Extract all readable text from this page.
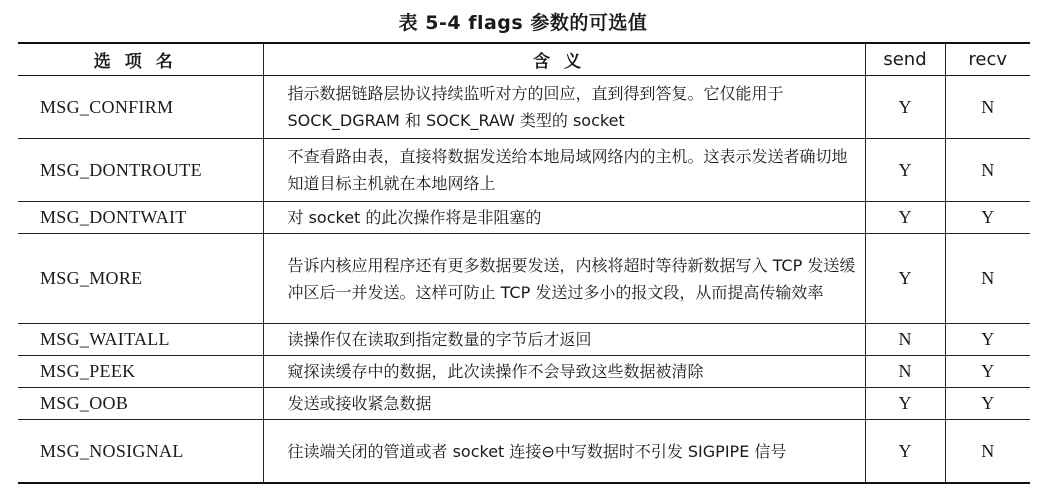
表 5-4 flags 参数的可选值
选项名	含义	send	recv
MSG_CONFIRM	指示数据链路层协议持续监听对方的回应，直到得到答复。它仅能用于 SOCK_DGRAM 和 SOCK_RAW 类型的 socket	Y	N
MSG_DONTROUTE	不查看路由表，直接将数据发送给本地局域网络内的主机。这表示发送者确切地知道目标主机就在本地网络上	Y	N
MSG_DONTWAIT	对 socket 的此次操作将是非阻塞的	Y	Y
MSG_MORE	告诉内核应用程序还有更多数据要发送，内核将超时等待新数据写入 TCP 发送缓冲区后一并发送。这样可防止 TCP 发送过多小的报文段，从而提高传输效率	Y	N
MSG_WAITALL	读操作仅在读取到指定数量的字节后才返回	N	Y
MSG_PEEK	窥探读缓存中的数据，此次读操作不会导致这些数据被清除	N	Y
MSG_OOB	发送或接收紧急数据	Y	Y
MSG_NOSIGNAL	往读端关闭的管道或者 socket 连接⊖中写数据时不引发 SIGPIPE 信号	Y	N
